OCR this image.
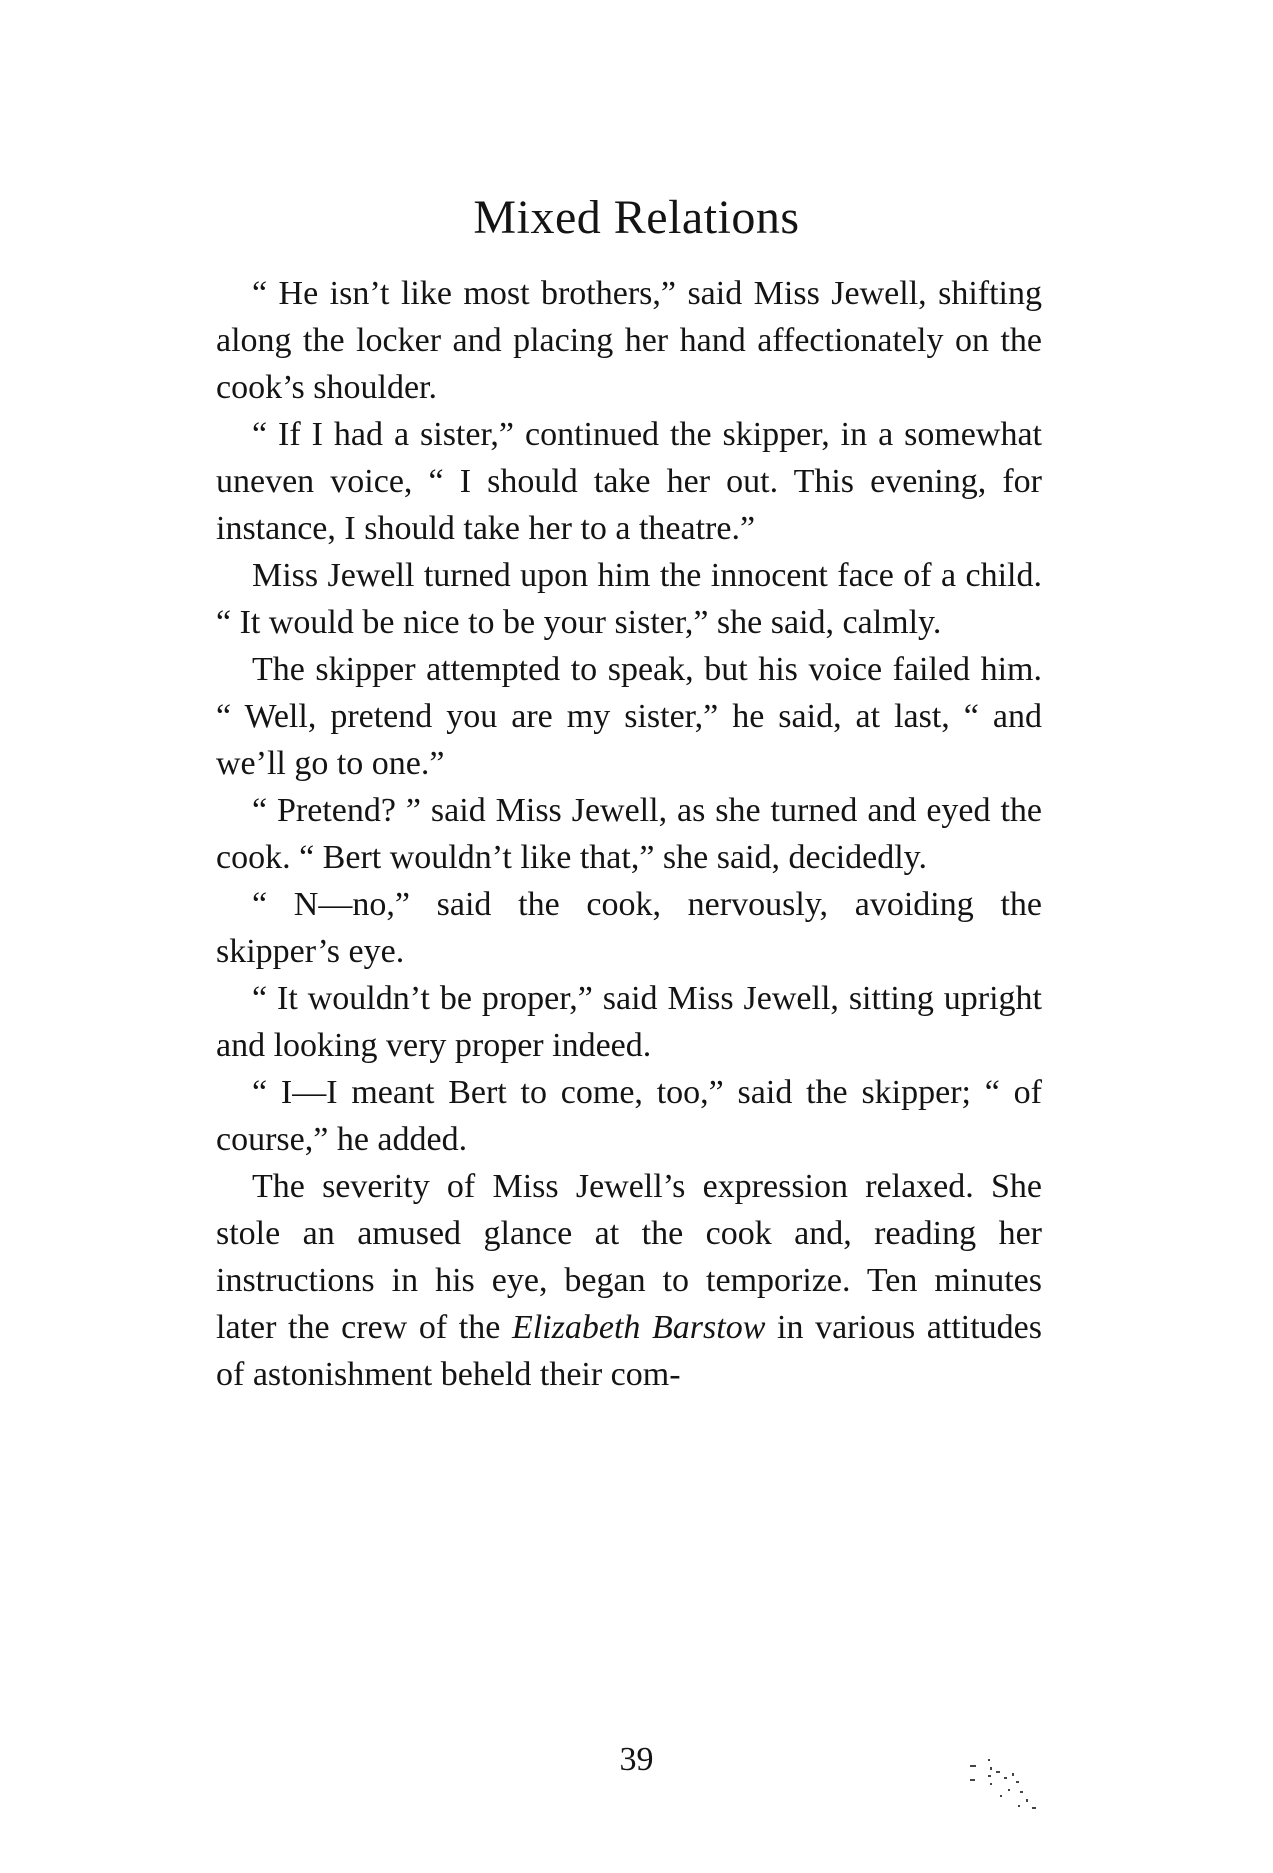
Mixed Relations

“ He isn’t like most brothers,” said Miss Jewell, shifting along the locker and placing her hand affectionately on the cook’s shoulder.

“ If I had a sister,” continued the skipper, in a somewhat uneven voice, “ I should take her out. This evening, for instance, I should take her to a theatre.”

Miss Jewell turned upon him the innocent face of a child. “ It would be nice to be your sister,” she said, calmly.

The skipper attempted to speak, but his voice failed him. “ Well, pretend you are my sister,” he said, at last, “ and we’ll go to one.”

“ Pretend? ” said Miss Jewell, as she turned and eyed the cook. “ Bert wouldn’t like that,” she said, decidedly.

“ N—no,” said the cook, nervously, avoiding the skipper’s eye.

“ It wouldn’t be proper,” said Miss Jewell, sitting upright and looking very proper indeed.

“ I—I meant Bert to come, too,” said the skipper; “ of course,” he added.

The severity of Miss Jewell’s expression relaxed. She stole an amused glance at the cook and, reading her instructions in his eye, began to temporize. Ten minutes later the crew of the Elizabeth Barstow in various attitudes of astonishment beheld their com-

39
